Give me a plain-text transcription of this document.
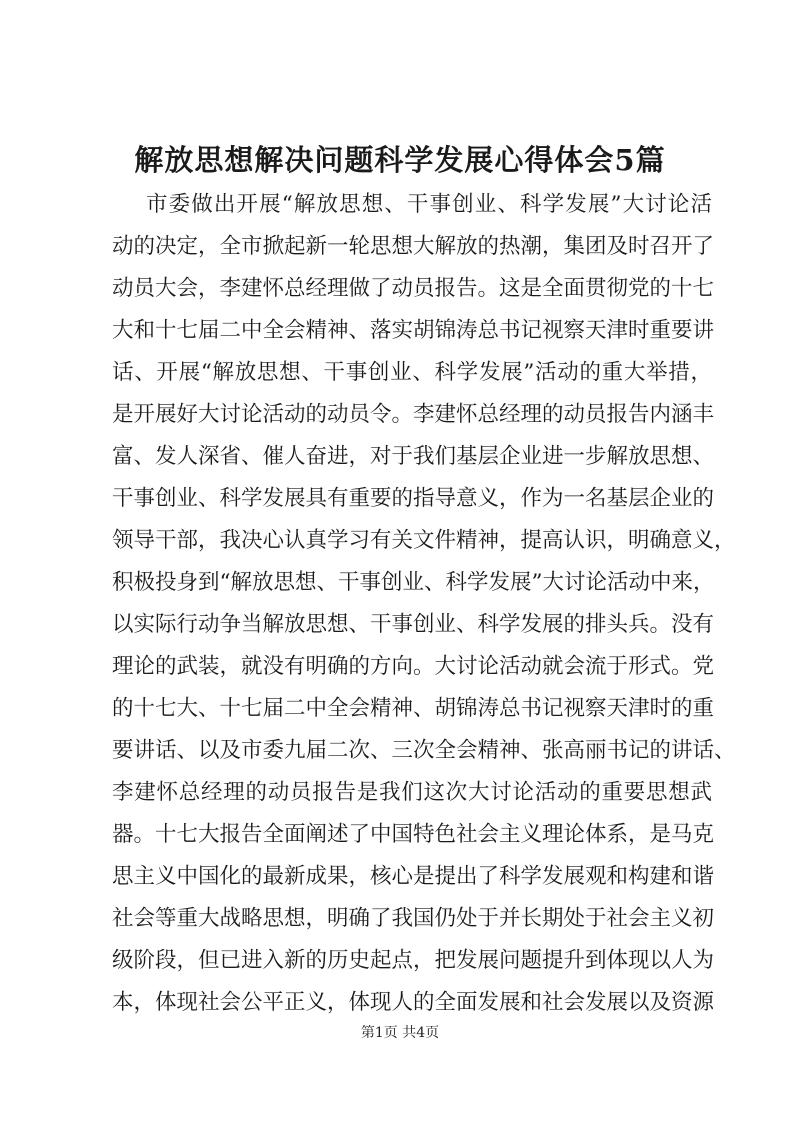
解放思想解决问题科学发展心得体会5篇
市委做出开展“解放思想、干事创业、科学发展”大讨论活
动的决定，全市掀起新一轮思想大解放的热潮，集团及时召开了
动员大会，李建怀总经理做了动员报告。这是全面贯彻党的十七
大和十七届二中全会精神、落实胡锦涛总书记视察天津时重要讲
话、开展“解放思想、干事创业、科学发展”活动的重大举措，
是开展好大讨论活动的动员令。李建怀总经理的动员报告内涵丰
富、发人深省、催人奋进，对于我们基层企业进一步解放思想、
干事创业、科学发展具有重要的指导意义，作为一名基层企业的
领导干部，我决心认真学习有关文件精神，提高认识，明确意义，
积极投身到“解放思想、干事创业、科学发展”大讨论活动中来，
以实际行动争当解放思想、干事创业、科学发展的排头兵。没有
理论的武装，就没有明确的方向。大讨论活动就会流于形式。党
的十七大、十七届二中全会精神、胡锦涛总书记视察天津时的重
要讲话、以及市委九届二次、三次全会精神、张高丽书记的讲话、
李建怀总经理的动员报告是我们这次大讨论活动的重要思想武
器。十七大报告全面阐述了中国特色社会主义理论体系，是马克
思主义中国化的最新成果，核心是提出了科学发展观和构建和谐
社会等重大战略思想，明确了我国仍处于并长期处于社会主义初
级阶段，但已进入新的历史起点，把发展问题提升到体现以人为
本，体现社会公平正义，体现人的全面发展和社会发展以及资源
第1页 共4页
